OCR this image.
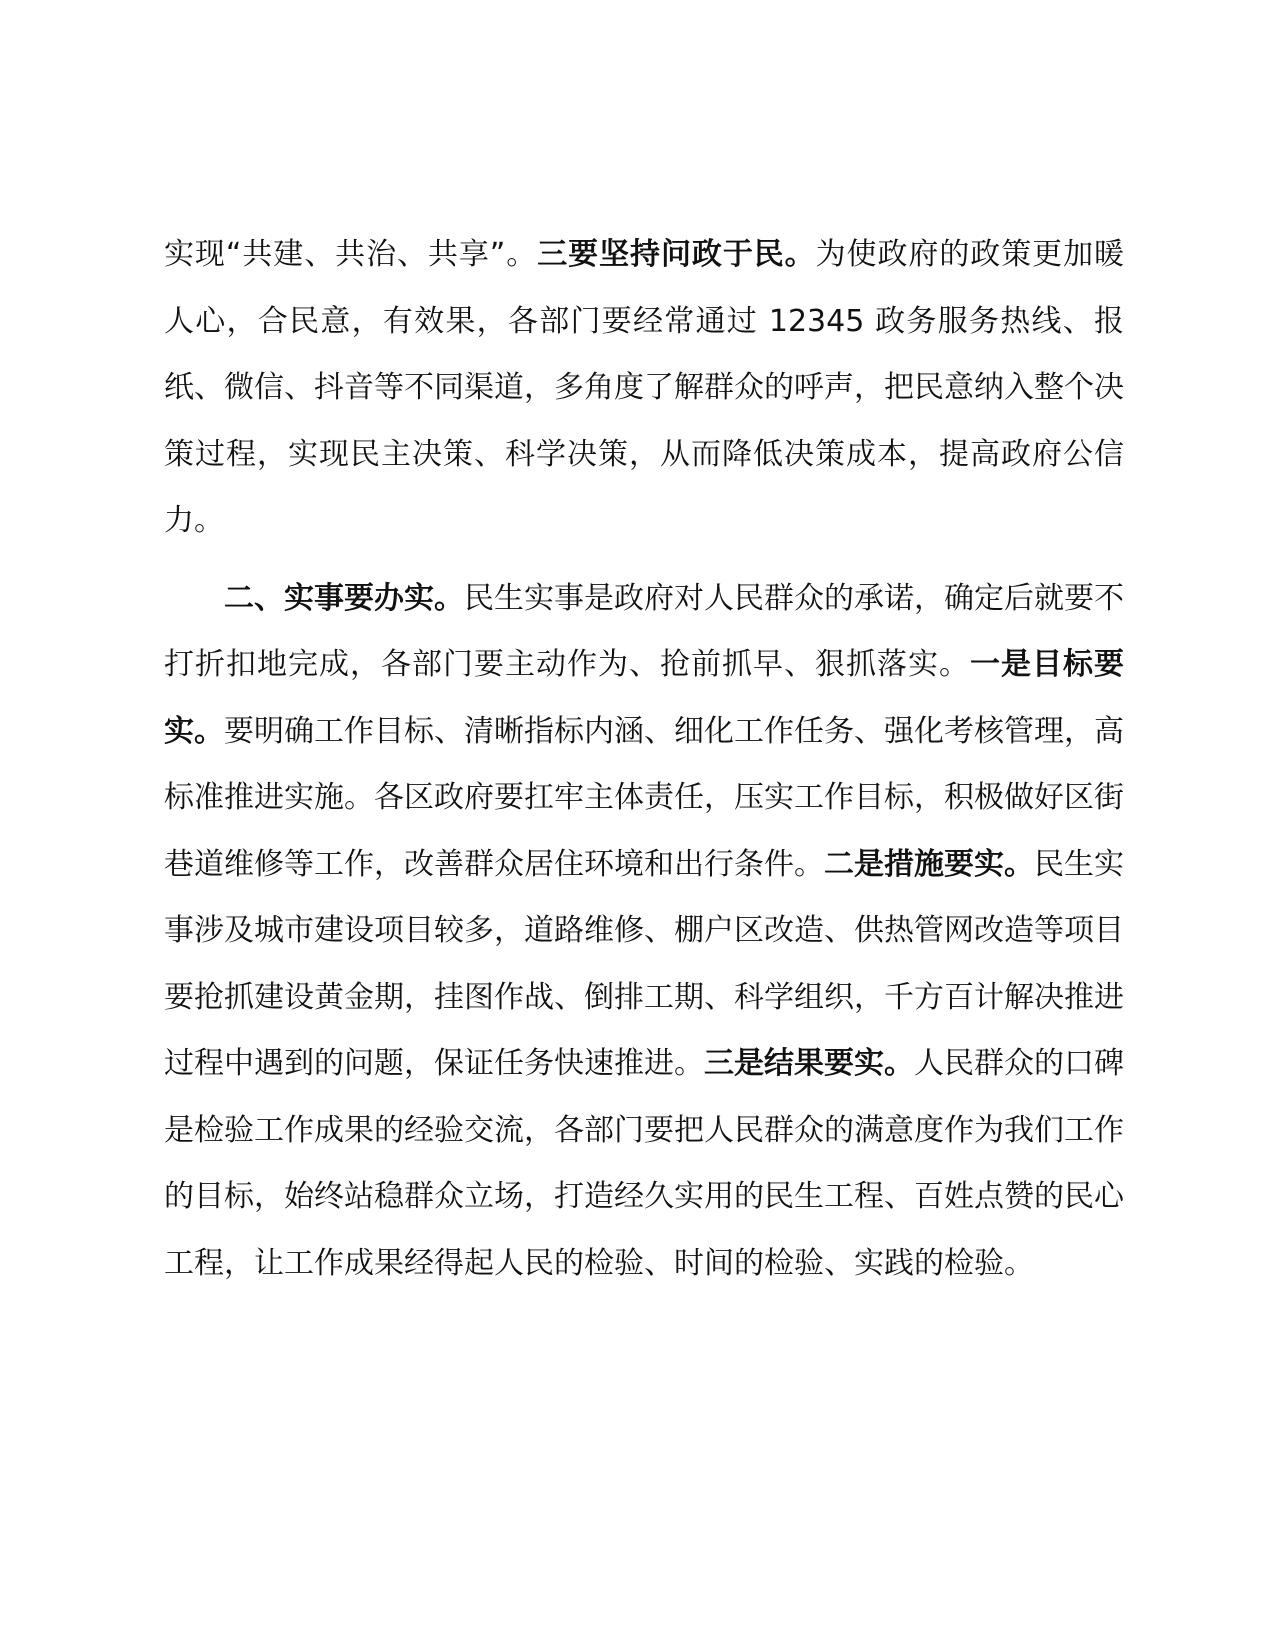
实现“共建、共治、共享”。三要坚持问政于民。为使政府的政策更加暖人心，合民意，有效果，各部门要经常通过 12345 政务服务热线、报纸、微信、抖音等不同渠道，多角度了解群众的呼声，把民意纳入整个决策过程，实现民主决策、科学决策，从而降低决策成本，提高政府公信力。

二、实事要办实。民生实事是政府对人民群众的承诺，确定后就要不打折扣地完成，各部门要主动作为、抢前抓早、狠抓落实。一是目标要实。要明确工作目标、清晰指标内涵、细化工作任务、强化考核管理，高标准推进实施。各区政府要扛牢主体责任，压实工作目标，积极做好区街巷道维修等工作，改善群众居住环境和出行条件。二是措施要实。民生实事涉及城市建设项目较多，道路维修、棚户区改造、供热管网改造等项目要抢抓建设黄金期，挂图作战、倒排工期、科学组织，千方百计解决推进过程中遇到的问题，保证任务快速推进。三是结果要实。人民群众的口碑是检验工作成果的经验交流，各部门要把人民群众的满意度作为我们工作的目标，始终站稳群众立场，打造经久实用的民生工程、百姓点赞的民心工程，让工作成果经得起人民的检验、时间的检验、实践的检验。
